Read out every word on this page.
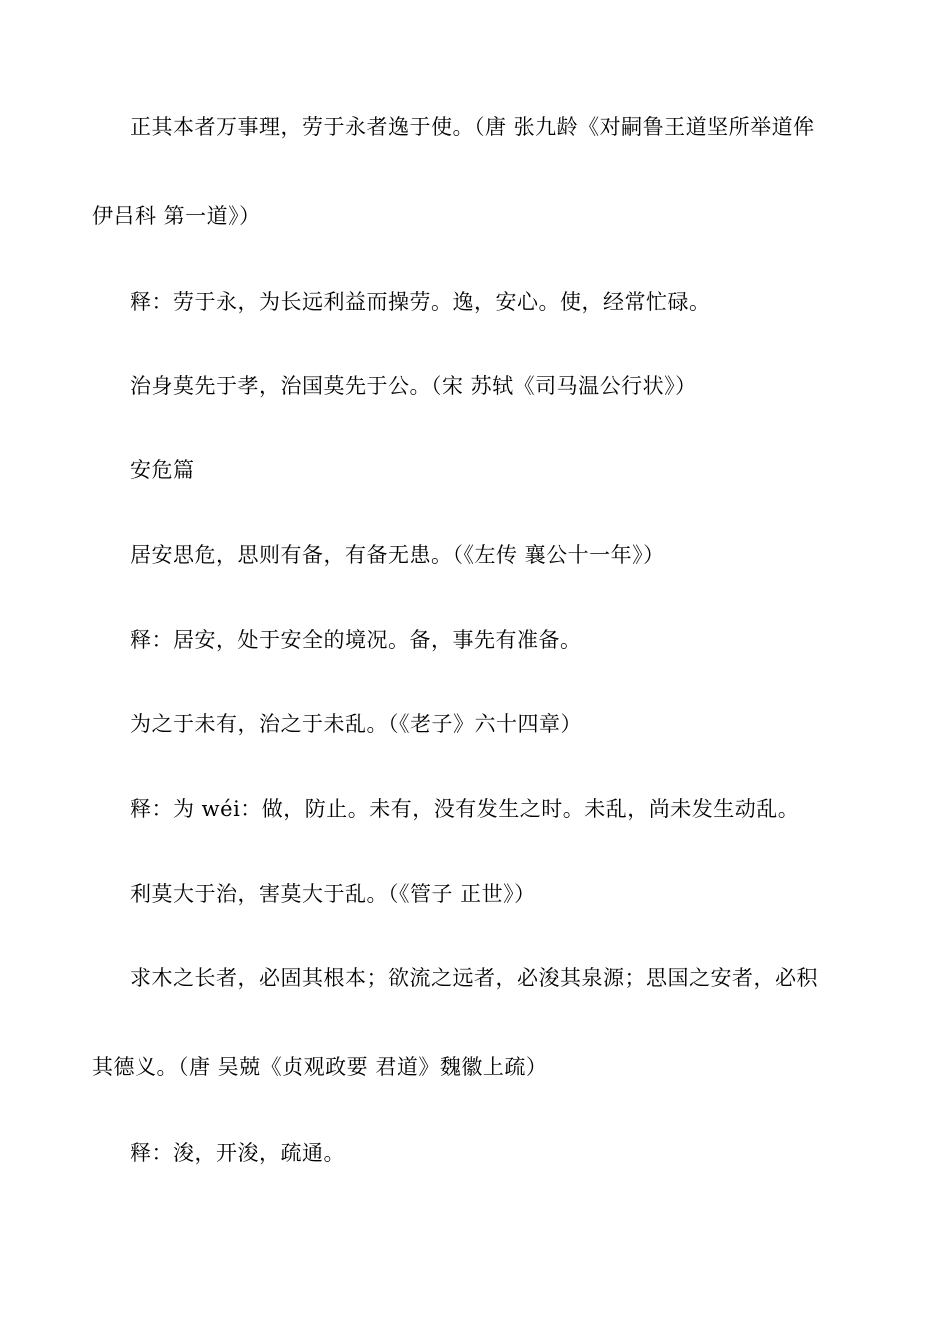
正其本者万事理，劳于永者逸于使。（唐 张九龄《对嗣鲁王道坚所举道侔
伊吕科 第一道》）
释：劳于永，为长远利益而操劳。逸，安心。使，经常忙碌。
治身莫先于孝，治国莫先于公。（宋 苏轼《司马温公行状》）
安危篇
居安思危，思则有备，有备无患。（《左传 襄公十一年》）
释：居安，处于安全的境况。备，事先有准备。
为之于未有，治之于未乱。（《老子》六十四章）
释：为 wéi：做，防止。未有，没有发生之时。未乱，尚未发生动乱。
利莫大于治，害莫大于乱。（《管子 正世》）
求木之长者，必固其根本；欲流之远者，必浚其泉源；思国之安者，必积
其德义。（唐 吴兢《贞观政要 君道》魏徽上疏）
释：浚，开浚，疏通。
